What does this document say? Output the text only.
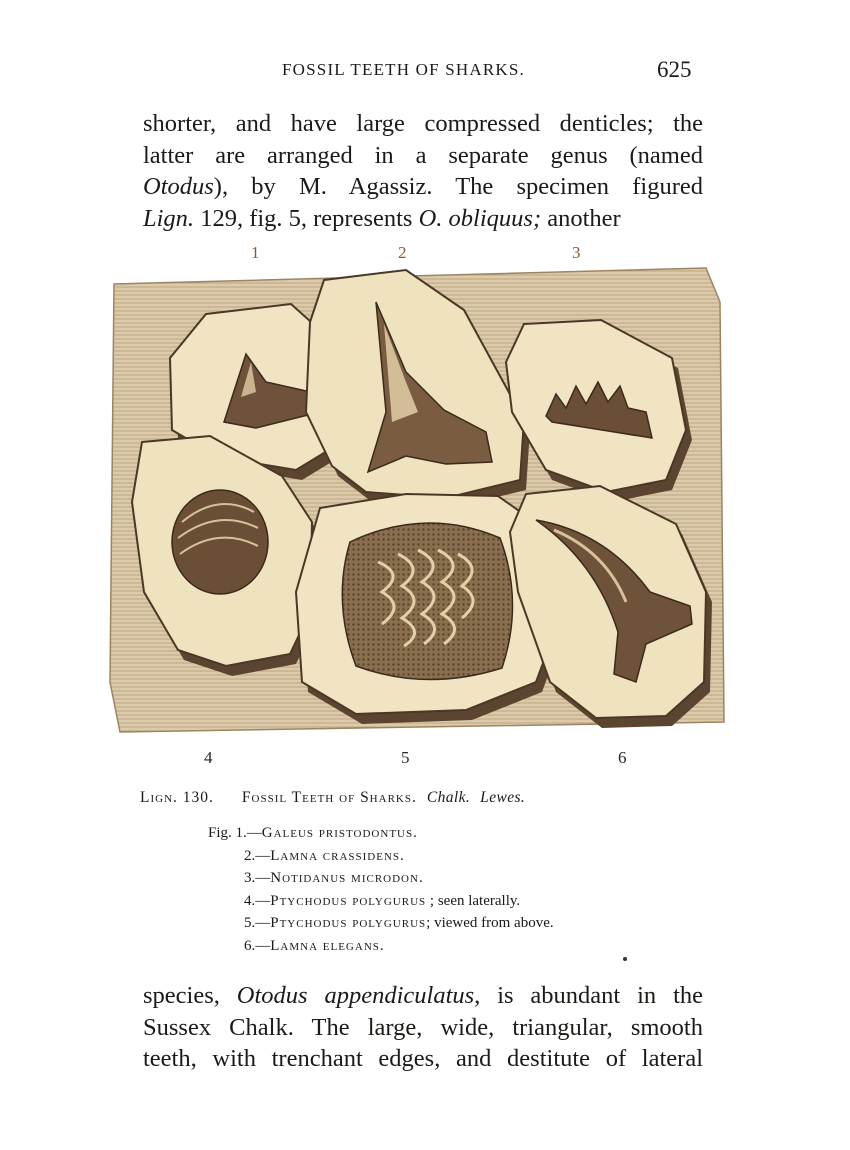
FOSSIL TEETH OF SHARKS.	625
shorter, and have large compressed denticles; the
latter are arranged in a separate genus (named
Otodus), by M. Agassiz. The specimen figured
Lign. 129, fig. 5, represents O. obliquus; another
1	2	3
4	5	6
Lign. 130. Fossil Teeth of Sharks. Chalk. Lewes.
Fig. 1.—Galeus pristodontus.
2.—Lamna crassidens.
3.—Notidanus microdon.
4.—Ptychodus polygurus ; seen laterally.
5.—Ptychodus polygurus; viewed from above.
6.—Lamna elegans.
species, Otodus appendiculatus, is abundant in the
Sussex Chalk. The large, wide, triangular, smooth
teeth, with trenchant edges, and destitute of lateral
